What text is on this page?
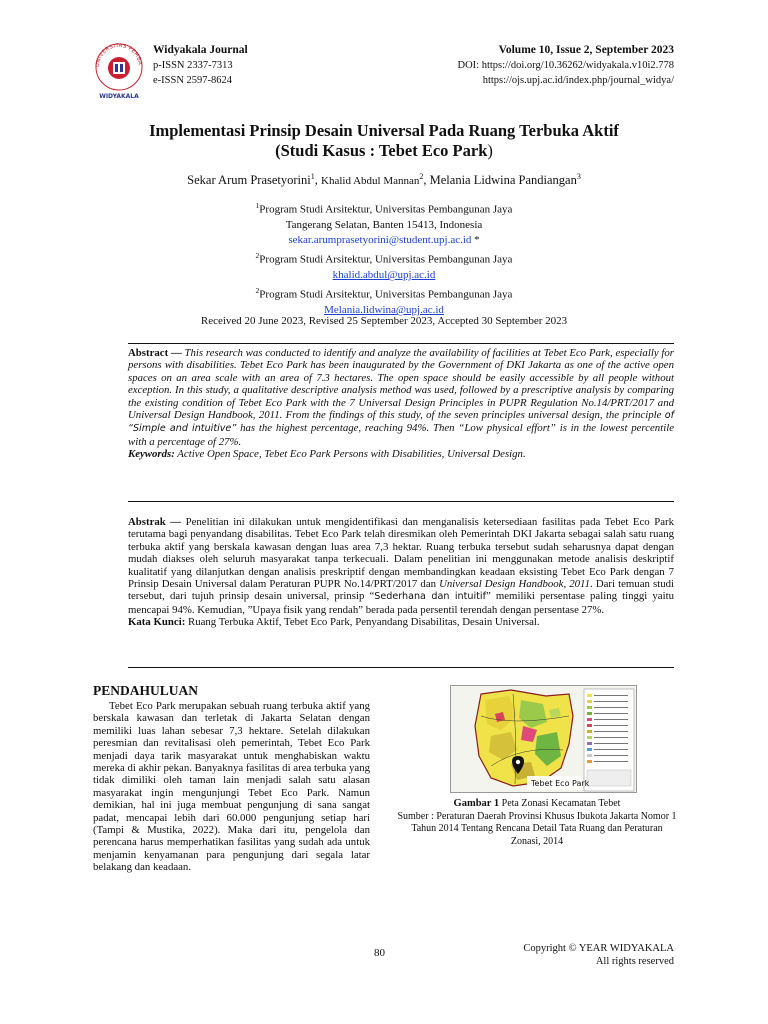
UNIVERSITAS PEMBA
WIDYAKALA
Widyakala Journal
p-ISSN 2337-7313
e-ISSN 2597-8624
Volume 10, Issue 2, September 2023
DOI: https://doi.org/10.36262/widyakala.v10i2.778
https://ojs.upj.ac.id/index.php/journal_widya/
Implementasi Prinsip Desain Universal Pada Ruang Terbuka Aktif
(Studi Kasus : Tebet Eco Park)
Sekar Arum Prasetyorini$^1$, Khalid Abdul Mannan$^2$, Melania Lidwina Pandiangan$^3$
$^1$Program Studi Arsitektur, Universitas Pembangunan Jaya
Tangerang Selatan, Banten 15413, Indonesia
sekar.arumprasetyorini@student.upj.ac.id *
$^2$Program Studi Arsitektur, Universitas Pembangunan Jaya
khalid.abdul@upj.ac.id
$^2$Program Studi Arsitektur, Universitas Pembangunan Jaya
Melania.lidwina@upj.ac.id
Received 20 June 2023, Revised 25 September 2023, Accepted 30 September 2023
Abstract — This research was conducted to identify and analyze the availability of facilities at Tebet Eco Park, especially for persons with disabilities. Tebet Eco Park has been inaugurated by the Government of DKI Jakarta as one of the active open spaces on an area scale with an area of 7.3 hectares. The open space should be easily accessible by all people without exception. In this study, a qualitative descriptive analysis method was used, followed by a prescriptive analysis by comparing the existing condition of Tebet Eco Park with the 7 Universal Design Principles in PUPR Regulation No.14/PRT/2017 and Universal Design Handbook, 2011. From the findings of this study, of the seven principles universal design, the principle of “Simple and intuitive” has the highest percentage, reaching 94%. Then “Low physical effort” is in the lowest percentile with a percentage of 27%.
Keywords: Active Open Space, Tebet Eco Park Persons with Disabilities, Universal Design.
Abstrak — Penelitian ini dilakukan untuk mengidentifikasi dan menganalisis ketersediaan fasilitas pada Tebet Eco Park terutama bagi penyandang disabilitas. Tebet Eco Park telah diresmikan oleh Pemerintah DKI Jakarta sebagai salah satu ruang terbuka aktif yang berskala kawasan dengan luas area 7,3 hektar. Ruang terbuka tersebut sudah seharusnya dapat dengan mudah diakses oleh seluruh masyarakat tanpa terkecuali. Dalam penelitian ini menggunakan metode analisis deskriptif kualitatif yang dilanjutkan dengan analisis preskriptif dengan membandingkan keadaan eksisting Tebet Eco Park dengan 7 Prinsip Desain Universal dalam Peraturan PUPR No.14/PRT/2017 dan Universal Design Handbook, 2011. Dari temuan studi tersebut, dari tujuh prinsip desain universal, prinsip “Sederhana dan intuitif” memiliki persentase paling tinggi yaitu mencapai 94%. Kemudian, ”Upaya fisik yang rendah” berada pada persentil terendah dengan persentase 27%.
Kata Kunci: Ruang Terbuka Aktif, Tebet Eco Park, Penyandang Disabilitas, Desain Universal.
PENDAHULUAN

Tebet Eco Park merupakan sebuah ruang terbuka aktif yang berskala kawasan dan terletak di Jakarta Selatan dengan memiliki luas lahan sebesar 7,3 hektare. Setelah dilakukan peresmian dan revitalisasi oleh pemerintah, Tebet Eco Park menjadi daya tarik masyarakat untuk menghabiskan waktu mereka di akhir pekan. Banyaknya fasilitas di area terbuka yang tidak dimiliki oleh taman lain menjadi salah satu alasan masyarakat ingin mengunjungi Tebet Eco Park. Namun demikian, hal ini juga membuat pengunjung di sana sangat padat, mencapai lebih dari 60.000 pengunjung setiap hari (Tampi & Mustika, 2022). Maka dari itu, pengelola dan perencana harus memperhatikan fasilitas yang sudah ada untuk menjamin kenyamanan para pengunjung dari segala latar belakang dan keadaan.

Tebet Eco Park
Gambar 1 Peta Zonasi Kecamatan Tebet
Sumber : Peraturan Daerah Provinsi Khusus Ibukota Jakarta Nomor 1 Tahun 2014 Tentang Rencana Detail Tata Ruang dan Peraturan Zonasi, 2014
80	Copyright © YEAR WIDYAKALA
All rights reserved
